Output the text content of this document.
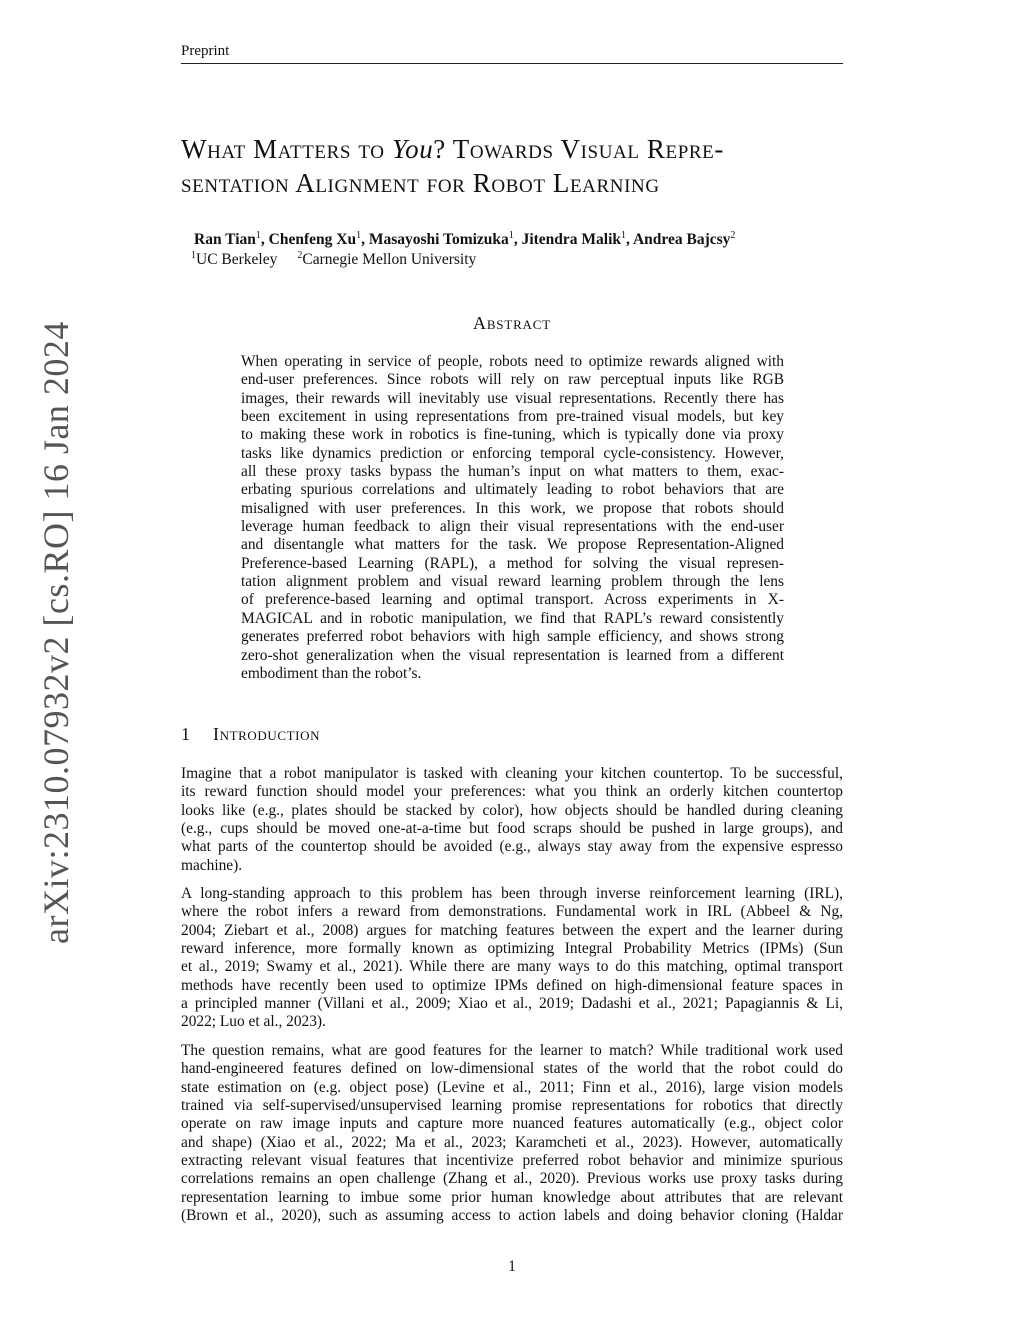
Preprint
arXiv:2310.07932v2 [cs.RO] 16 Jan 2024
What Matters to You? Towards Visual Repre-
sentation Alignment for Robot Learning
Ran Tian$^1$, Chenfeng Xu$^1$, Masayoshi Tomizuka$^1$, Jitendra Malik$^1$, Andrea Bajcsy$^2$
$^1$UC Berkeley $^2$Carnegie Mellon University
Abstract
When operating in service of people, robots need to optimize rewards aligned with
end-user preferences. Since robots will rely on raw perceptual inputs like RGB
images, their rewards will inevitably use visual representations. Recently there has
been excitement in using representations from pre-trained visual models, but key
to making these work in robotics is fine-tuning, which is typically done via proxy
tasks like dynamics prediction or enforcing temporal cycle-consistency. However,
all these proxy tasks bypass the human’s input on what matters to them, exac-
erbating spurious correlations and ultimately leading to robot behaviors that are
misaligned with user preferences. In this work, we propose that robots should
leverage human feedback to align their visual representations with the end-user
and disentangle what matters for the task. We propose Representation-Aligned
Preference-based Learning (RAPL), a method for solving the visual represen-
tation alignment problem and visual reward learning problem through the lens
of preference-based learning and optimal transport. Across experiments in X-
MAGICAL and in robotic manipulation, we find that RAPL’s reward consistently
generates preferred robot behaviors with high sample efficiency, and shows strong
zero-shot generalization when the visual representation is learned from a different
embodiment than the robot’s.
1 Introduction
Imagine that a robot manipulator is tasked with cleaning your kitchen countertop. To be successful,
its reward function should model your preferences: what you think an orderly kitchen countertop
looks like (e.g., plates should be stacked by color), how objects should be handled during cleaning
(e.g., cups should be moved one-at-a-time but food scraps should be pushed in large groups), and
what parts of the countertop should be avoided (e.g., always stay away from the expensive espresso
machine).
A long-standing approach to this problem has been through inverse reinforcement learning (IRL),
where the robot infers a reward from demonstrations. Fundamental work in IRL (Abbeel & Ng,
2004; Ziebart et al., 2008) argues for matching features between the expert and the learner during
reward inference, more formally known as optimizing Integral Probability Metrics (IPMs) (Sun
et al., 2019; Swamy et al., 2021). While there are many ways to do this matching, optimal transport
methods have recently been used to optimize IPMs defined on high-dimensional feature spaces in
a principled manner (Villani et al., 2009; Xiao et al., 2019; Dadashi et al., 2021; Papagiannis & Li,
2022; Luo et al., 2023).
The question remains, what are good features for the learner to match? While traditional work used
hand-engineered features defined on low-dimensional states of the world that the robot could do
state estimation on (e.g. object pose) (Levine et al., 2011; Finn et al., 2016), large vision models
trained via self-supervised/unsupervised learning promise representations for robotics that directly
operate on raw image inputs and capture more nuanced features automatically (e.g., object color
and shape) (Xiao et al., 2022; Ma et al., 2023; Karamcheti et al., 2023). However, automatically
extracting relevant visual features that incentivize preferred robot behavior and minimize spurious
correlations remains an open challenge (Zhang et al., 2020). Previous works use proxy tasks during
representation learning to imbue some prior human knowledge about attributes that are relevant
(Brown et al., 2020), such as assuming access to action labels and doing behavior cloning (Haldar
1
